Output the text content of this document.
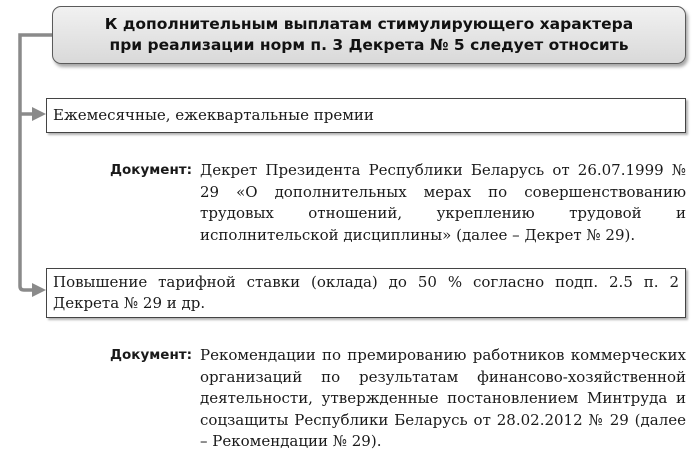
К дополнительным выплатам стимулирующего характера
при реализации норм п. 3 Декрета № 5 следует относить
Ежемесячные, ежеквартальные премии
Документ: Декрет Президента Республики Беларусь от 26.07.1999 № 29 «О дополнительных мерах по совершенствованию трудовых отношений, укреплению трудовой и исполнительской дисциплины» (далее – Декрет № 29).
Повышение тарифной ставки (оклада) до 50 % согласно подп. 2.5 п. 2 Декрета № 29 и др.
Документ: Рекомендации по премированию работников коммерческих организаций по результатам финансово-хозяйственной деятельности, утвержденные постановлением Минтруда и соцзащиты Республики Беларусь от 28.02.2012 № 29 (далее – Рекомендации № 29).
